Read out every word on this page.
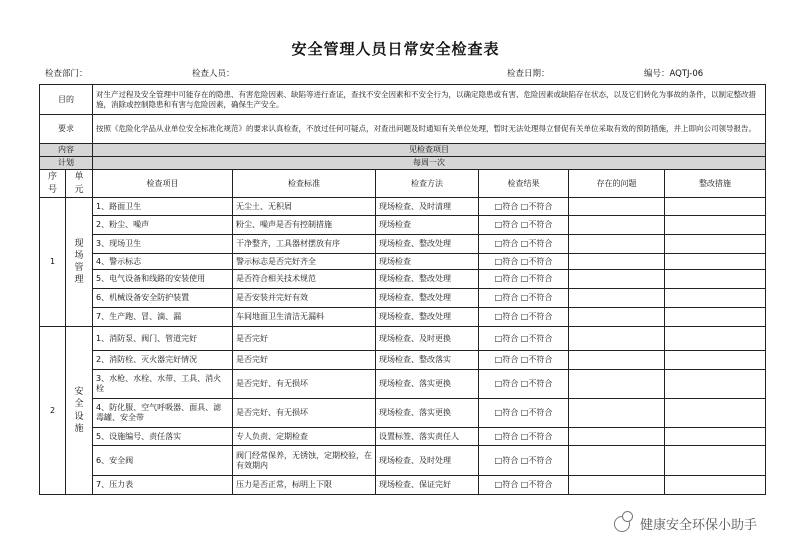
安全管理人员日常安全检查表
检查部门：	检查人员：	检查日期：	编号：AQTJ-06
目的		对生产过程及安全管理中可能存在的隐患、有害危险因素、缺陷等进行查证，查找不安全因素和不安全行为，以确定隐患或有害、危险因素或缺陷存在状态，以及它们转化为事故的条件，以制定整改措施，消除或控制隐患和有害与危险因素，确保生产安全。					
要求		按照《危险化学品从业单位安全标准化规范》的要求认真检查，不放过任何可疑点，对查出问题及时通知有关单位处理，暂时无法处理得立督促有关单位采取有效的预防措施，并上即向公司领导报告。					
内容		见检查项目					
计划		每周一次					

序号	单元	检查项目	检查标准	检查方法	检查结果	存在的问题	整改措施
1	现场管理	1、路面卫生	无尘土、无积屑	现场检查、及时清理	□符合 □不符合		
		2、粉尘、噪声	粉尘、噪声是否有控制措施	现场检查	□符合 □不符合		
		3、现场卫生	干净整齐，工具器材摆放有序	现场检查、整改处理	□符合 □不符合		
		4、警示标志	警示标志是否完好齐全	现场检查	□符合 □不符合		
		5、电气设备和线路的安装使用	是否符合相关技术规范	现场检查、整改处理	□符合 □不符合		
		6、机械设备安全防护装置	是否安装并完好有效	现场检查、整改处理	□符合 □不符合		
		7、生产跑、冒、滴、漏	车间地面卫生清洁无漏料	现场检查、整改处理	□符合 □不符合		
2	安全设施	1、消防泵、阀门、管道完好	是否完好	现场检查、及时更换	□符合 □不符合		
		2、消防栓、灭火器完好情况	是否完好	现场检查、整改落实	□符合 □不符合		
		3、水枪、水栓、水带、工具、消火栓	是否完好、有无损坏	现场检查、落实更换	□符合 □不符合		
		4、防化服、空气呼吸器、面具、滤毒罐、安全带	是否完好、有无损坏	现场检查、落实更换	□符合 □不符合		
		5、设施编号、责任落实	专人负责、定期检查	设置标签、落实责任人	□符合 □不符合		
		6、安全阀	阀门经常保养，无锈蚀，定期校验，在有效期内	现场检查、及时处理	□符合 □不符合		
		7、压力表	压力是否正常，标明上下限	现场检查、保证完好	□符合 □不符合		
健康安全环保小助手
